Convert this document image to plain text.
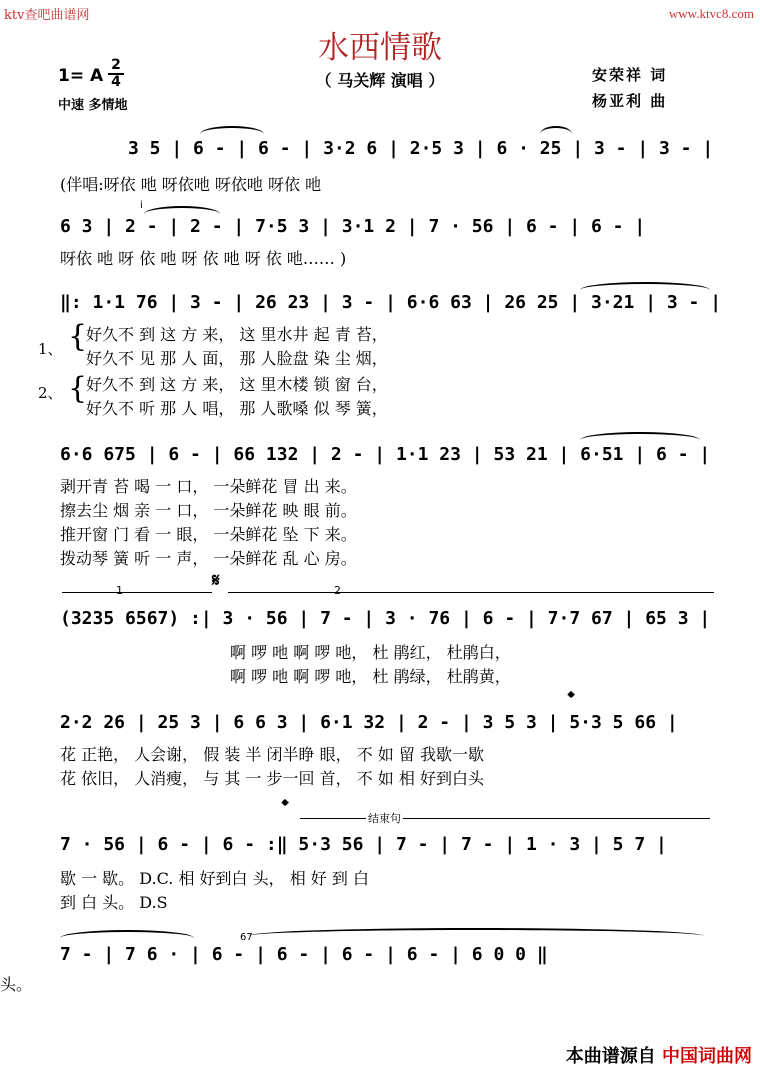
ktv查吧曲谱网	www.ktvc8.com
水西情歌
（ 马关辉 演唱 ）
1= A
2
4
中速 多情地
安荣祥 词
杨亚利 曲
3 5 | 6 - | 6 - | 3·2 6 | 2·5 3 | 6 · 25 | 3 - | 3 - |
(伴唱:呀依 吔 呀依吔 呀依吔 呀依 吔
i
6 3 | 2 - | 2 - | 7·5 3 | 3·1 2 | 7 · 56 | 6 - | 6 - |
呀依 吔 呀 依 吔 呀 依 吔 呀 依 吔…… )
‖: 1·1 76 | 3 - | 26 23 | 3 - | 6·6 63 | 26 25 | 3·21 | 3 - |
1、 {
好久不 到 这 方 来， 这 里水井 起 青 苔，
好久不 见 那 人 面， 那 人脸盘 染 尘 烟，
2、 {
好久不 到 这 方 来， 这 里木楼 锁 窗 台，
好久不 听 那 人 唱， 那 人歌嗓 似 琴 簧，
6·6 675 | 6 - | 66 132 | 2 - | 1·1 23 | 53 21 | 6·51 | 6 - |
剥开青 苔 喝 一 口， 一朵鲜花 冒 出 来。
擦去尘 烟 亲 一 口， 一朵鲜花 映 眼 前。
推开窗 门 看 一 眼， 一朵鲜花 坠 下 来。
拨动琴 簧 听 一 声， 一朵鲜花 乱 心 房。
1	𝄋	2
(3235 6567) :| 3 · 56 | 7 - | 3 · 76 | 6 - | 7·7 67 | 65 3 |
啊 啰 吔 啊 啰 吔， 杜 鹃红， 杜鹃白，
啊 啰 吔 啊 啰 吔， 杜 鹃绿， 杜鹃黄，
𝄌
2·2 26 | 25 3 | 6 6 3 | 6·1 32 | 2 - | 3 5 3 | 5·3 5 66 |
花 正艳， 人会谢， 假 装 半 闭半睁 眼， 不 如 留 我歇一歇
花 依旧， 人消瘦， 与 其 一 步一回 首， 不 如 相 好到白头
𝄌
结束句
7 · 56 | 6 - | 6 - :‖ 5·3 56 | 7 - | 7 - | 1 · 3 | 5 7 |
歇 一 歇。 D.C. 相 好到白 头， 相 好 到 白
到 白 头。 D.S
67
7 - | 7 6 · | 6 - | 6 - | 6 - | 6 - | 6 0 0 ‖
头。
本曲谱源自 中国词曲网
